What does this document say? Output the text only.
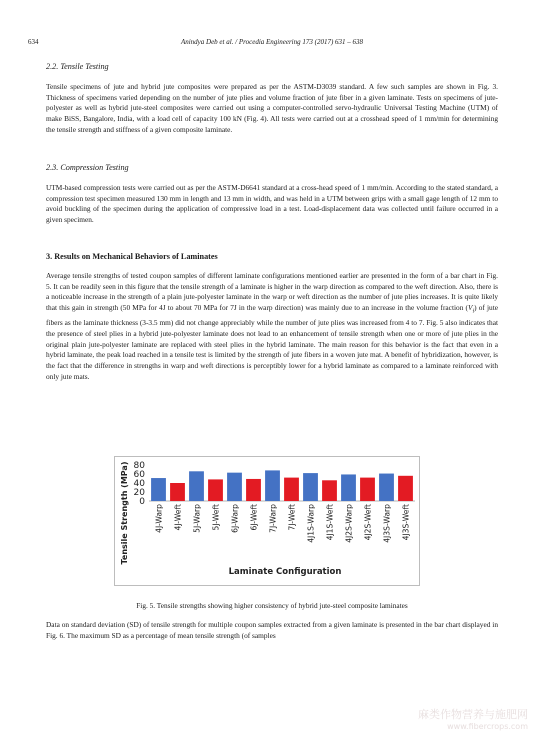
634	Anindya Deb et al. / Procedia Engineering 173 (2017) 631 – 638
2.2. Tensile Testing

Tensile specimens of jute and hybrid jute composites were prepared as per the ASTM-D3039 standard. A few such samples are shown in Fig. 3. Thickness of specimens varied depending on the number of jute plies and volume fraction of jute fiber in a given laminate. Tests on specimens of jute-polyester as well as hybrid jute-steel composites were carried out using a computer-controlled servo-hydraulic Universal Testing Machine (UTM) of make BiSS, Bangalore, India, with a load cell of capacity 100 kN (Fig. 4). All tests were carried out at a crosshead speed of 1 mm/min for determining the tensile strength and stiffness of a given composite laminate.

2.3. Compression Testing

UTM-based compression tests were carried out as per the ASTM-D6641 standard at a cross-head speed of 1 mm/min. According to the stated standard, a compression test specimen measured 130 mm in length and 13 mm in width, and was held in a UTM between grips with a small gage length of 12 mm to avoid buckling of the specimen during the application of compressive load in a test. Load-displacement data was collected until failure occurred in a given specimen.

3. Results on Mechanical Behaviors of Laminates

Average tensile strengths of tested coupon samples of different laminate configurations mentioned earlier are presented in the form of a bar chart in Fig. 5. It can be readily seen in this figure that the tensile strength of a laminate is higher in the warp direction as compared to the weft direction. Also, there is a noticeable increase in the strength of a plain jute-polyester laminate in the warp or weft direction as the number of jute plies increases. It is quite likely that this gain in strength (50 MPa for 4J to about 70 MPa for 7J in the warp direction) was mainly due to an increase in the volume fraction $(V_f)$ of jute fibers as the laminate thickness (3-3.5 mm) did not change appreciably while the number of jute plies was increased from 4 to 7. Fig. 5 also indicates that the presence of steel plies in a hybrid jute-polyester laminate does not lead to an enhancement of tensile strength when one or more of jute plies in the original plain jute-polyester laminate are replaced with steel plies in the hybrid laminate. The main reason for this behavior is the fact that even in a hybrid laminate, the peak load reached in a tensile test is limited by the strength of jute fibers in a woven jute mat. A benefit of hybridization, however, is the fact that the difference in strengths in warp and weft directions is perceptibly lower for a hybrid laminate as compared to a laminate reinforced with only jute mats.

Tensile Strength (MPa)
Laminate Configuration
0
20
40
60
80
4J-Warp 4J-Weft 5J-Warp 5J-Weft 6J-Warp 6J-Weft 7J-Warp 7J-Weft 4J1S-Warp 4J1S-Weft 4J2S-Warp 4J2S-Weft 4J3S-Warp 4J3S-Weft
Fig. 5. Tensile strengths showing higher consistency of hybrid jute-steel composite laminates

Data on standard deviation (SD) of tensile strength for multiple coupon samples extracted from a given laminate is presented in the bar chart displayed in Fig. 6. The maximum SD as a percentage of mean tensile strength (of samples

麻类作物营养与施肥网
www.fibercrops.com
